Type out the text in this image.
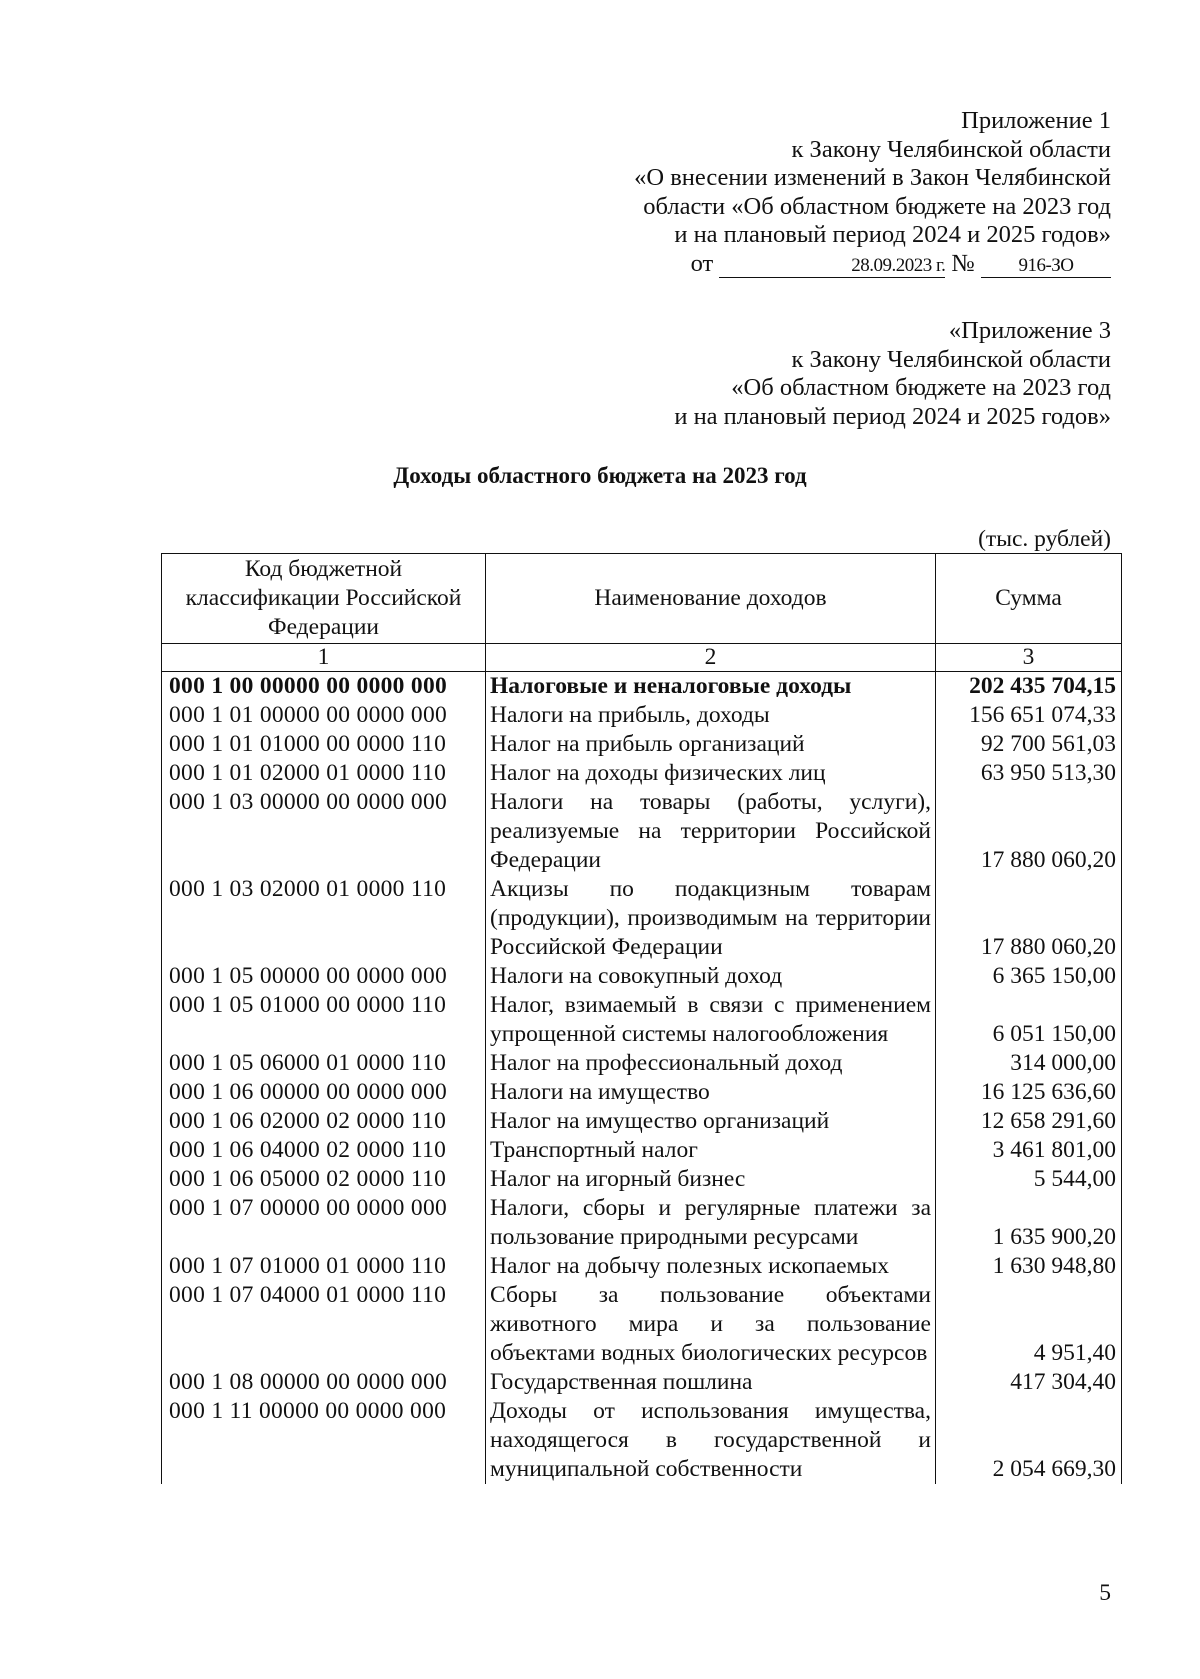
Приложение 1
к Закону Челябинской области
«О внесении изменений в Закон Челябинской
области «Об областном бюджете на 2023 год
и на плановый период 2024 и 2025 годов»
от	28.09.2023 г. № 916-ЗО
«Приложение 3
к Закону Челябинской области
«Об областном бюджете на 2023 год
и на плановый период 2024 и 2025 годов»
Доходы областного бюджета на 2023 год
(тыс. рублей)
Код бюджетной классификации Российской Федерации	Наименование доходов	Сумма
1	2	3
000 1 00 00000 00 0000 000	Налоговые и неналоговые доходы	202 435 704,15
000 1 01 00000 00 0000 000	Налоги на прибыль, доходы	156 651 074,33
000 1 01 01000 00 0000 110	Налог на прибыль организаций	92 700 561,03
000 1 01 02000 01 0000 110	Налог на доходы физических лиц	63 950 513,30
000 1 03 00000 00 0000 000	Налоги на товары (работы, услуги), реализуемые на территории Российской Федерации	17 880 060,20
000 1 03 02000 01 0000 110	Акцизы по подакцизным товарам (продукции), производимым на территории Российской Федерации	17 880 060,20
000 1 05 00000 00 0000 000	Налоги на совокупный доход	6 365 150,00
000 1 05 01000 00 0000 110	Налог, взимаемый в связи с применением упрощенной системы налогообложения	6 051 150,00
000 1 05 06000 01 0000 110	Налог на профессиональный доход	314 000,00
000 1 06 00000 00 0000 000	Налоги на имущество	16 125 636,60
000 1 06 02000 02 0000 110	Налог на имущество организаций	12 658 291,60
000 1 06 04000 02 0000 110	Транспортный налог	3 461 801,00
000 1 06 05000 02 0000 110	Налог на игорный бизнес	5 544,00
000 1 07 00000 00 0000 000	Налоги, сборы и регулярные платежи за пользование природными ресурсами	1 635 900,20
000 1 07 01000 01 0000 110	Налог на добычу полезных ископаемых	1 630 948,80
000 1 07 04000 01 0000 110	Сборы за пользование объектами животного мира и за пользование объектами водных биологических ресурсов	4 951,40
000 1 08 00000 00 0000 000	Государственная пошлина	417 304,40
000 1 11 00000 00 0000 000	Доходы от использования имущества, находящегося в государственной и муниципальной собственности	2 054 669,30
5
